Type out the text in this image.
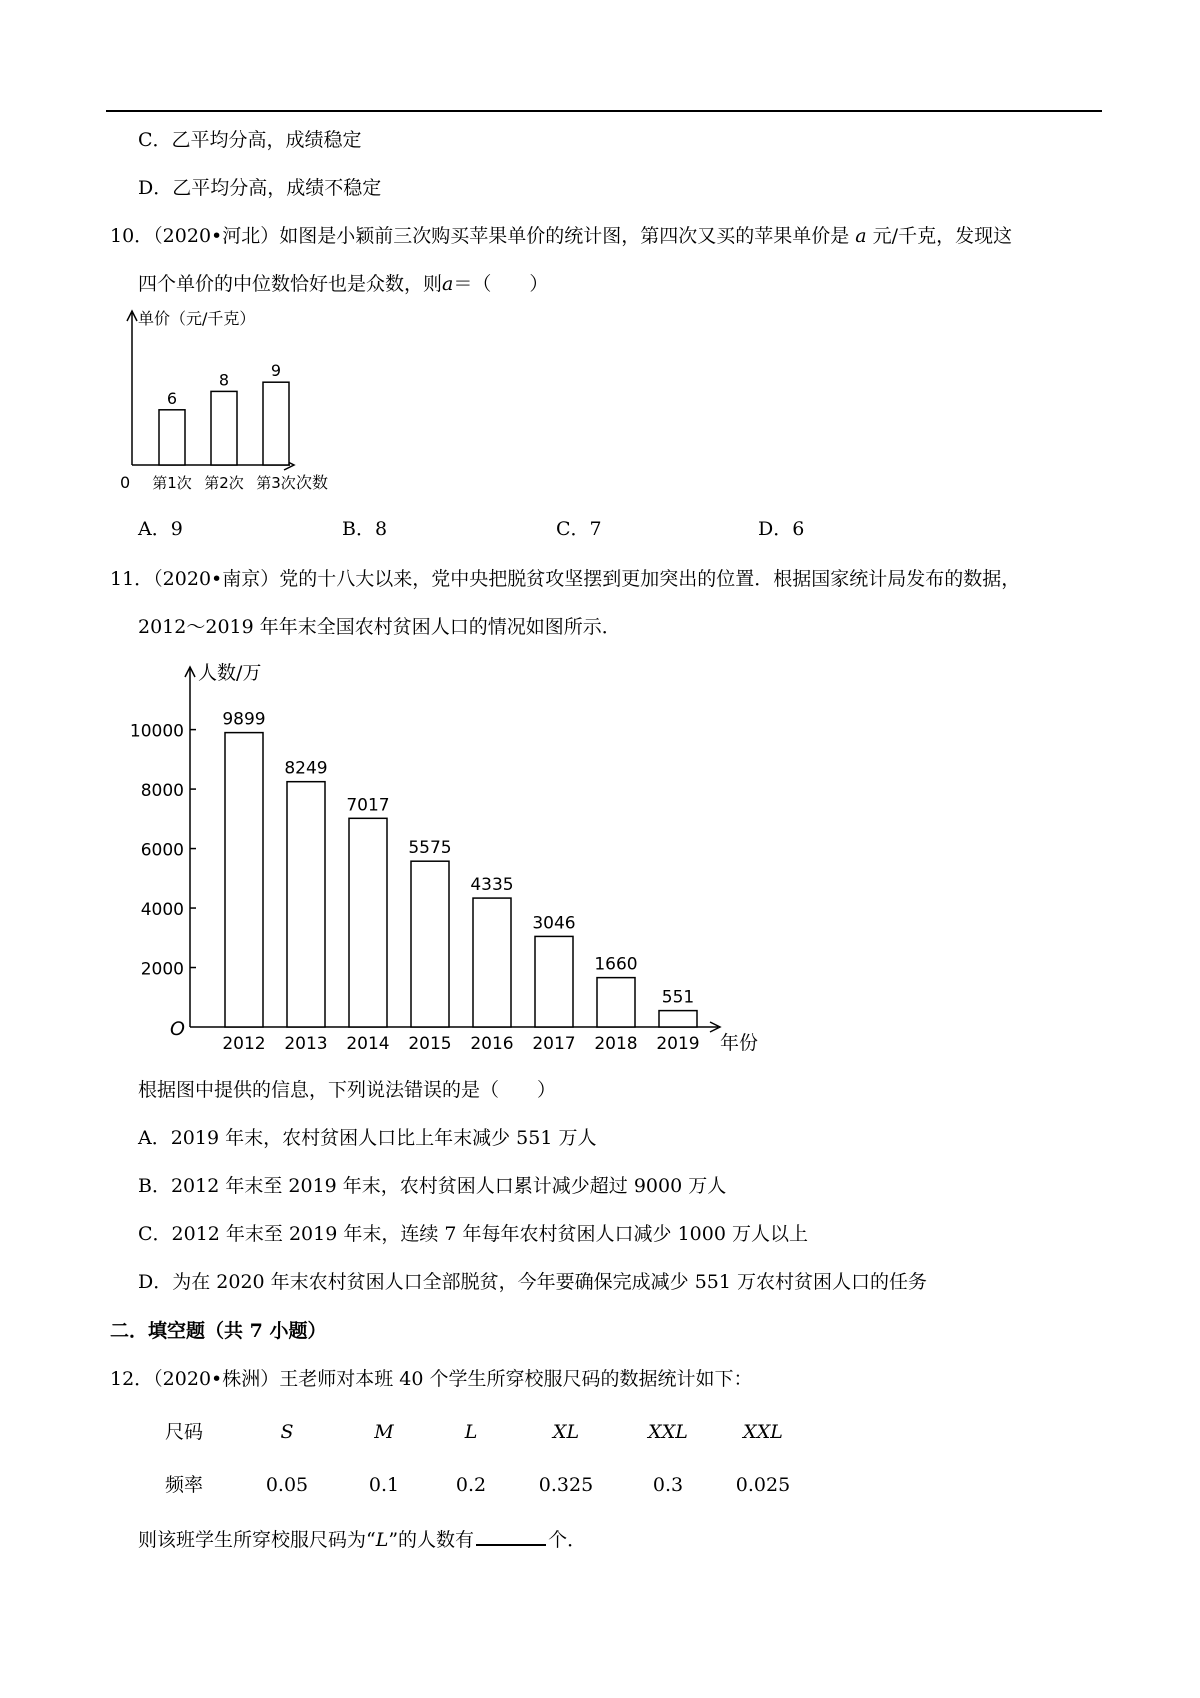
C．乙平均分高，成绩稳定
D．乙平均分高，成绩不稳定
10．（2020•河北）如图是小颖前三次购买苹果单价的统计图，第四次又买的苹果单价是 a 元/千克，发现这
四个单价的中位数恰好也是众数，则a＝（　　）
单价（元/千克）
次数
0
6
第1次
8
第2次
9
第3次
A．9	B．8	C．7	D．6
11．（2020•南京）党的十八大以来，党中央把脱贫攻坚摆到更加突出的位置．根据国家统计局发布的数据，
2012～2019 年年末全国农村贫困人口的情况如图所示．
人数/万
年份
O
2000
4000
6000
8000
10000
9899
2012
8249
2013
7017
2014
5575
2015
4335
2016
3046
2017
1660
2018
551
2019
根据图中提供的信息，下列说法错误的是（　　）
A．2019 年末，农村贫困人口比上年末减少 551 万人
B．2012 年末至 2019 年末，农村贫困人口累计减少超过 9000 万人
C．2012 年末至 2019 年末，连续 7 年每年农村贫困人口减少 1000 万人以上
D．为在 2020 年末农村贫困人口全部脱贫，今年要确保完成减少 551 万农村贫困人口的任务
二．填空题（共 7 小题）
12．（2020•株洲）王老师对本班 40 个学生所穿校服尺码的数据统计如下：
尺码	S	M	L	XL	XXL	XXL
频率	0.05	0.1	0.2	0.325	0.3	0.025
则该班学生所穿校服尺码为“L”的人数有	个．
